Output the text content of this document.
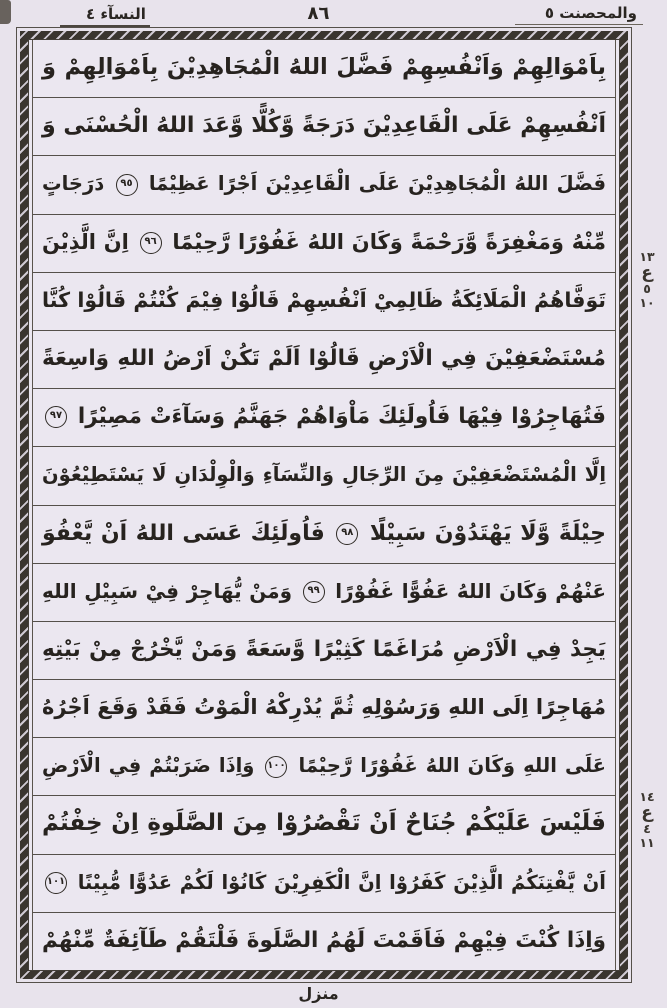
النسآء ٤	٨٦	والمحصنت ٥
بِاَمْوَالِهِمْ وَاَنْفُسِهِمْ فَضَّلَ اللهُ الْمُجَاهِدِيْنَ بِاَمْوَالِهِمْ وَ
اَنْفُسِهِمْ عَلَى الْقَاعِدِيْنَ دَرَجَةً وَّكُلًّا وَّعَدَ اللهُ الْحُسْنَى وَ
فَضَّلَ اللهُ الْمُجَاهِدِيْنَ عَلَى الْقَاعِدِيْنَ اَجْرًا عَظِيْمًا ٩٥ دَرَجَاتٍ
مِّنْهُ وَمَغْفِرَةً وَّرَحْمَةً وَكَانَ اللهُ غَفُوْرًا رَّحِيْمًا ٩٦ اِنَّ الَّذِيْنَ
تَوَفَّاهُمُ الْمَلَائِكَةُ ظَالِمِيْ اَنْفُسِهِمْ قَالُوْا فِيْمَ كُنْتُمْ قَالُوْا كُنَّا
مُسْتَضْعَفِيْنَ فِي الْاَرْضِ قَالُوْا اَلَمْ تَكُنْ اَرْضُ اللهِ وَاسِعَةً
فَتُهَاجِرُوْا فِيْهَا فَاُولَئِكَ مَاْوَاهُمْ جَهَنَّمُ وَسَآءَتْ مَصِيْرًا ٩٧
اِلَّا الْمُسْتَضْعَفِيْنَ مِنَ الرِّجَالِ وَالنِّسَآءِ وَالْوِلْدَانِ لَا يَسْتَطِيْعُوْنَ
حِيْلَةً وَّلَا يَهْتَدُوْنَ سَبِيْلًا ٩٨ فَاُولَئِكَ عَسَى اللهُ اَنْ يَّعْفُوَ
عَنْهُمْ وَكَانَ اللهُ عَفُوًّا غَفُوْرًا ٩٩ وَمَنْ يُّهَاجِرْ فِيْ سَبِيْلِ اللهِ
يَجِدْ فِي الْاَرْضِ مُرَاغَمًا كَثِيْرًا وَّسَعَةً وَمَنْ يَّخْرُجْ مِنْ بَيْتِهِ
مُهَاجِرًا اِلَى اللهِ وَرَسُوْلِهِ ثُمَّ يُدْرِكْهُ الْمَوْتُ فَقَدْ وَقَعَ اَجْرُهُ
عَلَى اللهِ وَكَانَ اللهُ غَفُوْرًا رَّحِيْمًا ١٠٠ وَاِذَا ضَرَبْتُمْ فِي الْاَرْضِ
فَلَيْسَ عَلَيْكُمْ جُنَاحٌ اَنْ تَقْصُرُوْا مِنَ الصَّلَوةِ اِنْ خِفْتُمْ
اَنْ يَّفْتِنَكُمُ الَّذِيْنَ كَفَرُوْا اِنَّ الْكَفِرِيْنَ كَانُوْا لَكُمْ عَدُوًّا مُّبِيْنًا ١٠١
وَاِذَا كُنْتَ فِيْهِمْ فَاَقَمْتَ لَهُمُ الصَّلَوةَ فَلْتَقُمْ طَآئِفَةٌ مِّنْهُمْ
١٣
ع
٥
١٠
١٤
ع
٤
١١
منزل
